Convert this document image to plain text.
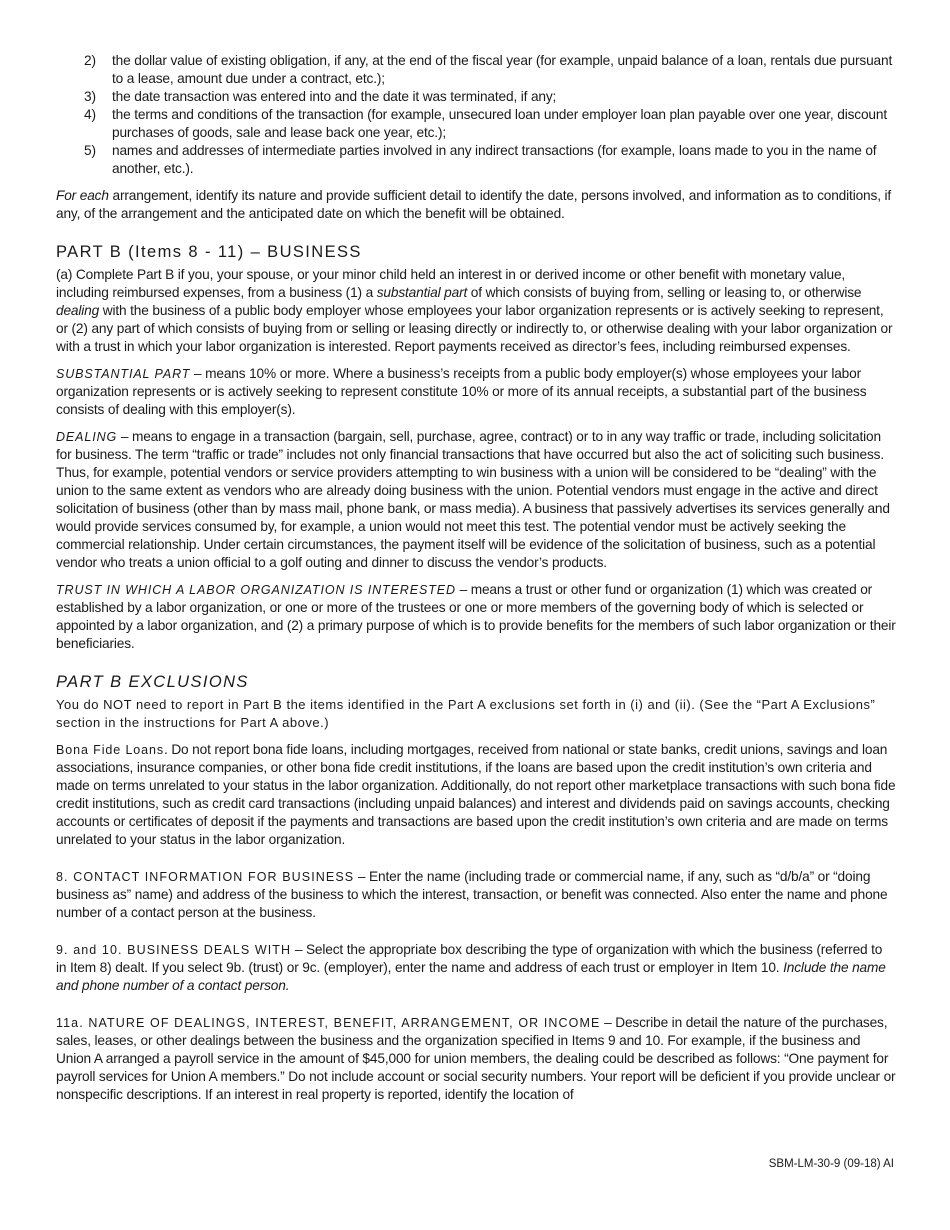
2)	the dollar value of existing obligation, if any, at the end of the fiscal year (for example, unpaid balance of a loan, rentals due pursuant to a lease, amount due under a contract, etc.);
3)	the date transaction was entered into and the date it was terminated, if any;
4)	the terms and conditions of the transaction (for example, unsecured loan under employer loan plan payable over one year, discount purchases of goods, sale and lease back one year, etc.);
5)	names and addresses of intermediate parties involved in any indirect transactions (for example, loans made to you in the name of another, etc.).

For each arrangement, identify its nature and provide sufficient detail to identify the date, persons involved, and information as to conditions, if any, of the arrangement and the anticipated date on which the benefit will be obtained.

PART B (Items 8 - 11) – BUSINESS

(a) Complete Part B if you, your spouse, or your minor child held an interest in or derived income or other benefit with monetary value, including reimbursed expenses, from a business (1) a substantial part of which consists of buying from, selling or leasing to, or otherwise dealing with the business of a public body employer whose employees your labor organization represents or is actively seeking to represent, or (2) any part of which consists of buying from or selling or leasing directly or indirectly to, or otherwise dealing with your labor organization or with a trust in which your labor organization is interested. Report payments received as director’s fees, including reimbursed expenses.

SUBSTANTIAL PART – means 10% or more. Where a business’s receipts from a public body employer(s) whose employees your labor organization represents or is actively seeking to represent constitute 10% or more of its annual receipts, a substantial part of the business consists of dealing with this employer(s).

DEALING – means to engage in a transaction (bargain, sell, purchase, agree, contract) or to in any way traffic or trade, including solicitation for business. The term “traffic or trade” includes not only financial transactions that have occurred but also the act of soliciting such business. Thus, for example, potential vendors or service providers attempting to win business with a union will be considered to be “dealing” with the union to the same extent as vendors who are already doing business with the union. Potential vendors must engage in the active and direct solicitation of business (other than by mass mail, phone bank, or mass media). A business that passively advertises its services generally and would provide services consumed by, for example, a union would not meet this test. The potential vendor must be actively seeking the commercial relationship. Under certain circumstances, the payment itself will be evidence of the solicitation of business, such as a potential vendor who treats a union official to a golf outing and dinner to discuss the vendor’s products.

TRUST IN WHICH A LABOR ORGANIZATION IS INTERESTED – means a trust or other fund or organization (1) which was created or established by a labor organization, or one or more of the trustees or one or more members of the governing body of which is selected or appointed by a labor organization, and (2) a primary purpose of which is to provide benefits for the members of such labor organization or their beneficiaries.

PART B EXCLUSIONS

You do NOT need to report in Part B the items identified in the Part A exclusions set forth in (i) and (ii). (See the “Part A Exclusions” section in the instructions for Part A above.)

Bona Fide Loans. Do not report bona fide loans, including mortgages, received from national or state banks, credit unions, savings and loan associations, insurance companies, or other bona fide credit institutions, if the loans are based upon the credit institution’s own criteria and made on terms unrelated to your status in the labor organization. Additionally, do not report other marketplace transactions with such bona fide credit institutions, such as credit card transactions (including unpaid balances) and interest and dividends paid on savings accounts, checking accounts or certificates of deposit if the payments and transactions are based upon the credit institution’s own criteria and are made on terms unrelated to your status in the labor organization.

8. CONTACT INFORMATION FOR BUSINESS – Enter the name (including trade or commercial name, if any, such as “d/b/a” or “doing business as” name) and address of the business to which the interest, transaction, or benefit was connected. Also enter the name and phone number of a contact person at the business.

9. and 10. BUSINESS DEALS WITH – Select the appropriate box describing the type of organization with which the business (referred to in Item 8) dealt. If you select 9b. (trust) or 9c. (employer), enter the name and address of each trust or employer in Item 10. Include the name and phone number of a contact person.

11a. NATURE OF DEALINGS, INTEREST, BENEFIT, ARRANGEMENT, OR INCOME – Describe in detail the nature of the purchases, sales, leases, or other dealings between the business and the organization specified in Items 9 and 10. For example, if the business and Union A arranged a payroll service in the amount of $45,000 for union members, the dealing could be described as follows: “One payment for payroll services for Union A members.” Do not include account or social security numbers. Your report will be deficient if you provide unclear or nonspecific descriptions. If an interest in real property is reported, identify the location of

SBM-LM-30-9 (09-18) AI
